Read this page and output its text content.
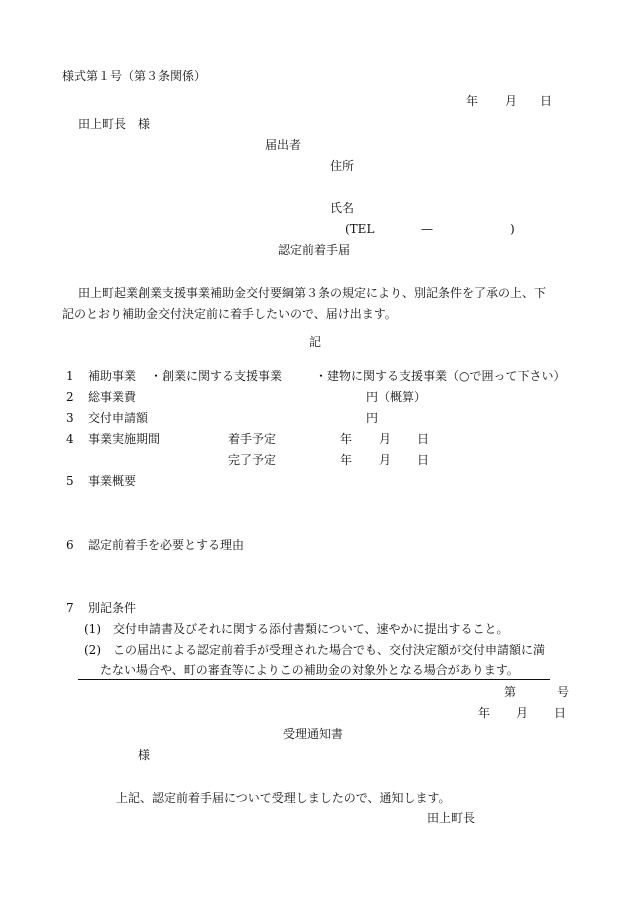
様式第１号（第３条関係）
年 月 日
田上町長　様
届出者
住所
氏名
(TEL	—	)
認定前着手届
田上町起業創業支援事業補助金交付要綱第３条の規定により、別記条件を了承の上、下
記のとおり補助金交付決定前に着手したいので、届け出ます。
記
1 補助事業 ・創業に関する支援事業	・建物に関する支援事業（○で囲って下さい）
2 総事業費	円（概算）
3 交付申請額	円
4 事業実施期間	着手予定	年 月 日
完了予定	年 月 日
5 事業概要
6 認定前着手を必要とする理由
7 別記条件
(1) 交付申請書及びそれに関する添付書類について、速やかに提出すること。
(2) この届出による認定前着手が受理された場合でも、交付決定額が交付申請額に満
たない場合や、町の審査等によりこの補助金の対象外となる場合があります。
第	号
年 月 日
受理通知書
様
上記、認定前着手届について受理しましたので、通知します。
田上町長
